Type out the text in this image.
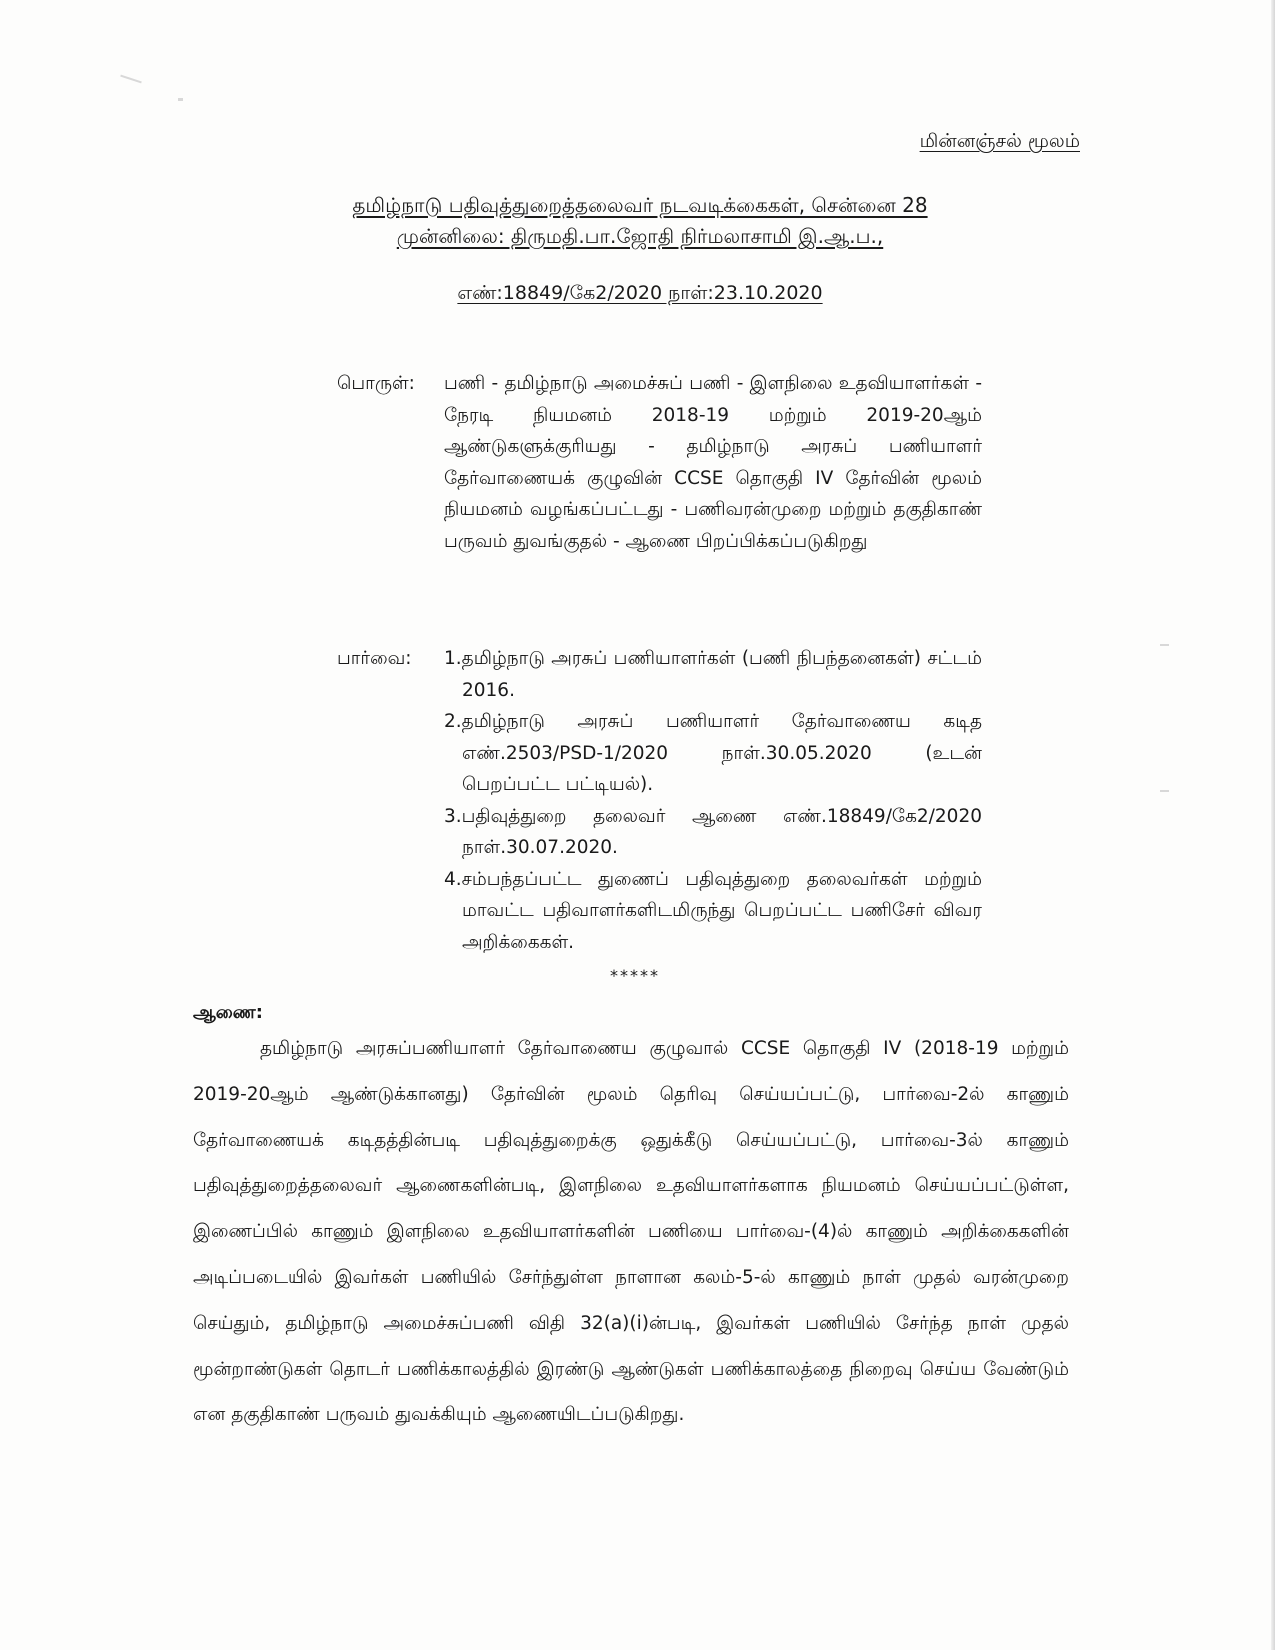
மின்னஞ்சல் மூலம்
தமிழ்நாடு பதிவுத்துறைத்தலைவர் நடவடிக்கைகள், சென்னை 28
முன்னிலை: திருமதி.பா.ஜோதி நிர்மலாசாமி இ.ஆ.ப.,
எண்:18849/கே2/2020 நாள்:23.10.2020
பொருள்:	பணி - தமிழ்நாடு அமைச்சுப் பணி - இளநிலை உதவியாளர்கள் - நேரடி நியமனம் 2018-19 மற்றும் 2019-20ஆம் ஆண்டுகளுக்குரியது - தமிழ்நாடு அரசுப் பணியாளர் தேர்வாணையக் குழுவின் CCSE தொகுதி IV தேர்வின் மூலம் நியமனம் வழங்கப்பட்டது - பணிவரன்முறை மற்றும் தகுதிகாண் பருவம் துவங்குதல் - ஆணை பிறப்பிக்கப்படுகிறது
பார்வை:	1.தமிழ்நாடு அரசுப் பணியாளர்கள் (பணி நிபந்தனைகள்) சட்டம் 2016.
2.தமிழ்நாடு அரசுப் பணியாளர் தேர்வாணைய கடித எண்.2503/PSD-1/2020 நாள்.30.05.2020 (உடன் பெறப்பட்ட பட்டியல்).
3.பதிவுத்துறை தலைவர் ஆணை எண்.18849/கே2/2020 நாள்.30.07.2020.
4.சம்பந்தப்பட்ட துணைப் பதிவுத்துறை தலைவர்கள் மற்றும் மாவட்ட பதிவாளர்களிடமிருந்து பெறப்பட்ட பணிசேர் விவர அறிக்கைகள்.
*****
ஆணை:
தமிழ்நாடு அரசுப்பணியாளர் தேர்வாணைய குழுவால் CCSE தொகுதி IV (2018-19 மற்றும் 2019-20ஆம் ஆண்டுக்கானது) தேர்வின் மூலம் தெரிவு செய்யப்பட்டு, பார்வை-2ல் காணும் தேர்வாணையக் கடிதத்தின்படி பதிவுத்துறைக்கு ஒதுக்கீடு செய்யப்பட்டு, பார்வை-3ல் காணும் பதிவுத்துறைத்தலைவர் ஆணைகளின்படி, இளநிலை உதவியாளர்களாக நியமனம் செய்யப்பட்டுள்ள, இணைப்பில் காணும் இளநிலை உதவியாளர்களின் பணியை பார்வை-(4)ல் காணும் அறிக்கைகளின் அடிப்படையில் இவர்கள் பணியில் சேர்ந்துள்ள நாளான கலம்-5-ல் காணும் நாள் முதல் வரன்முறை செய்தும், தமிழ்நாடு அமைச்சுப்பணி விதி 32(a)(i)ன்படி, இவர்கள் பணியில் சேர்ந்த நாள் முதல் மூன்றாண்டுகள் தொடர் பணிக்காலத்தில் இரண்டு ஆண்டுகள் பணிக்காலத்தை நிறைவு செய்ய வேண்டும் என தகுதிகாண் பருவம் துவக்கியும் ஆணையிடப்படுகிறது.
